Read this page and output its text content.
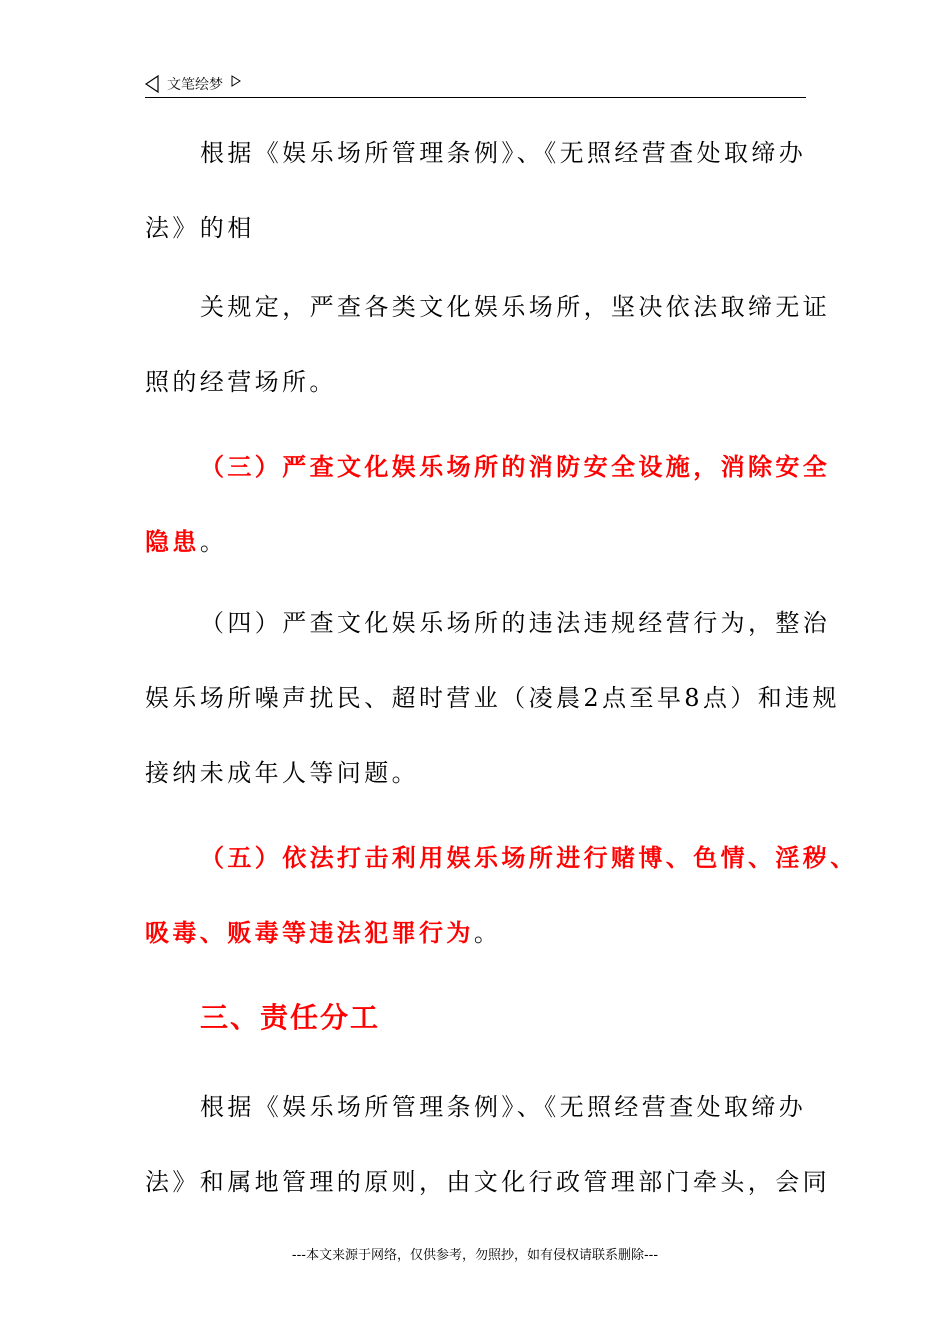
文笔绘梦
根据《娱乐场所管理条例》、《无照经营查处取缔办
法》的相
关规定，严查各类文化娱乐场所，坚决依法取缔无证
照的经营场所。
（三）严查文化娱乐场所的消防安全设施，消除安全
隐患。
（四）严查文化娱乐场所的违法违规经营行为，整治
娱乐场所噪声扰民、超时营业（凌晨2点至早8点）和违规
接纳未成年人等问题。
（五）依法打击利用娱乐场所进行赌博、色情、淫秽、
吸毒、贩毒等违法犯罪行为。
三、责任分工
根据《娱乐场所管理条例》、《无照经营查处取缔办
法》和属地管理的原则，由文化行政管理部门牵头，会同
---本文来源于网络，仅供参考，勿照抄，如有侵权请联系删除---
